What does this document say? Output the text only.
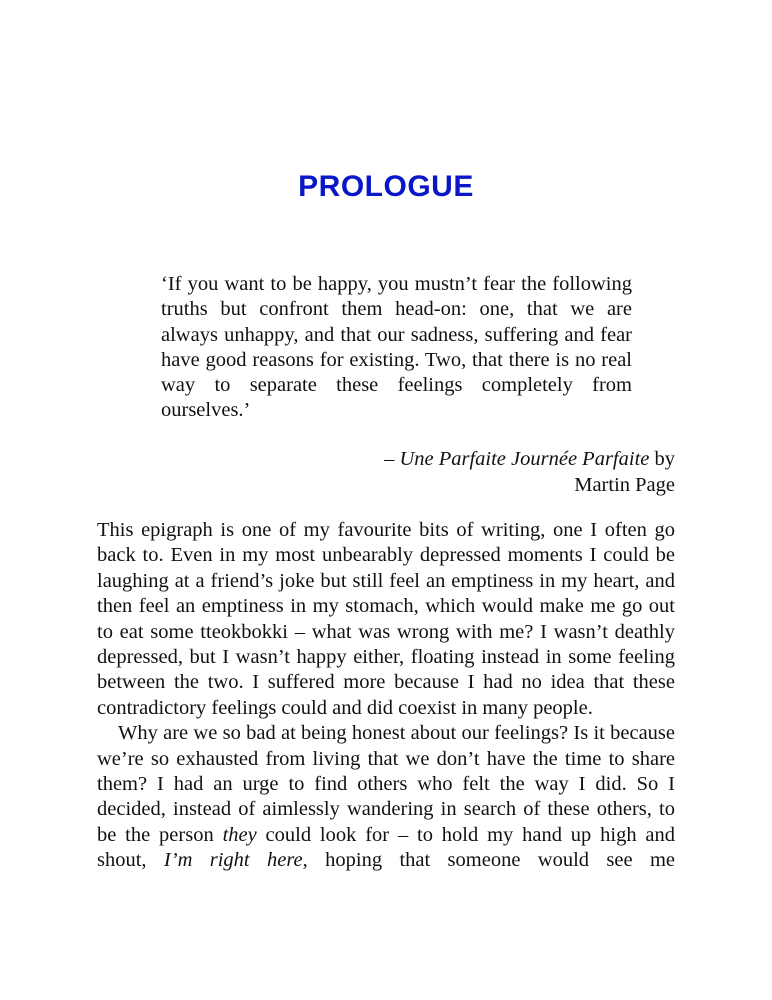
PROLOGUE

‘If you want to be happy, you mustn’t fear the following truths but confront them head-on: one, that we are always unhappy, and that our sadness, suffering and fear have good reasons for existing. Two, that there is no real way to separate these feelings completely from ourselves.’

– Une Parfaite Journée Parfaite by
Martin Page

This epigraph is one of my favourite bits of writing, one I often go back to. Even in my most unbearably depressed moments I could be laughing at a friend’s joke but still feel an emptiness in my heart, and then feel an emptiness in my stomach, which would make me go out to eat some tteokbokki – what was wrong with me? I wasn’t deathly depressed, but I wasn’t happy either, floating instead in some feeling between the two. I suffered more because I had no idea that these contradictory feelings could and did coexist in many people.

Why are we so bad at being honest about our feelings? Is it because we’re so exhausted from living that we don’t have the time to share them? I had an urge to find others who felt the way I did. So I decided, instead of aimlessly wandering in search of these others, to be the person they could look for – to hold my hand up high and shout, I’m right here, hoping that someone would see me
